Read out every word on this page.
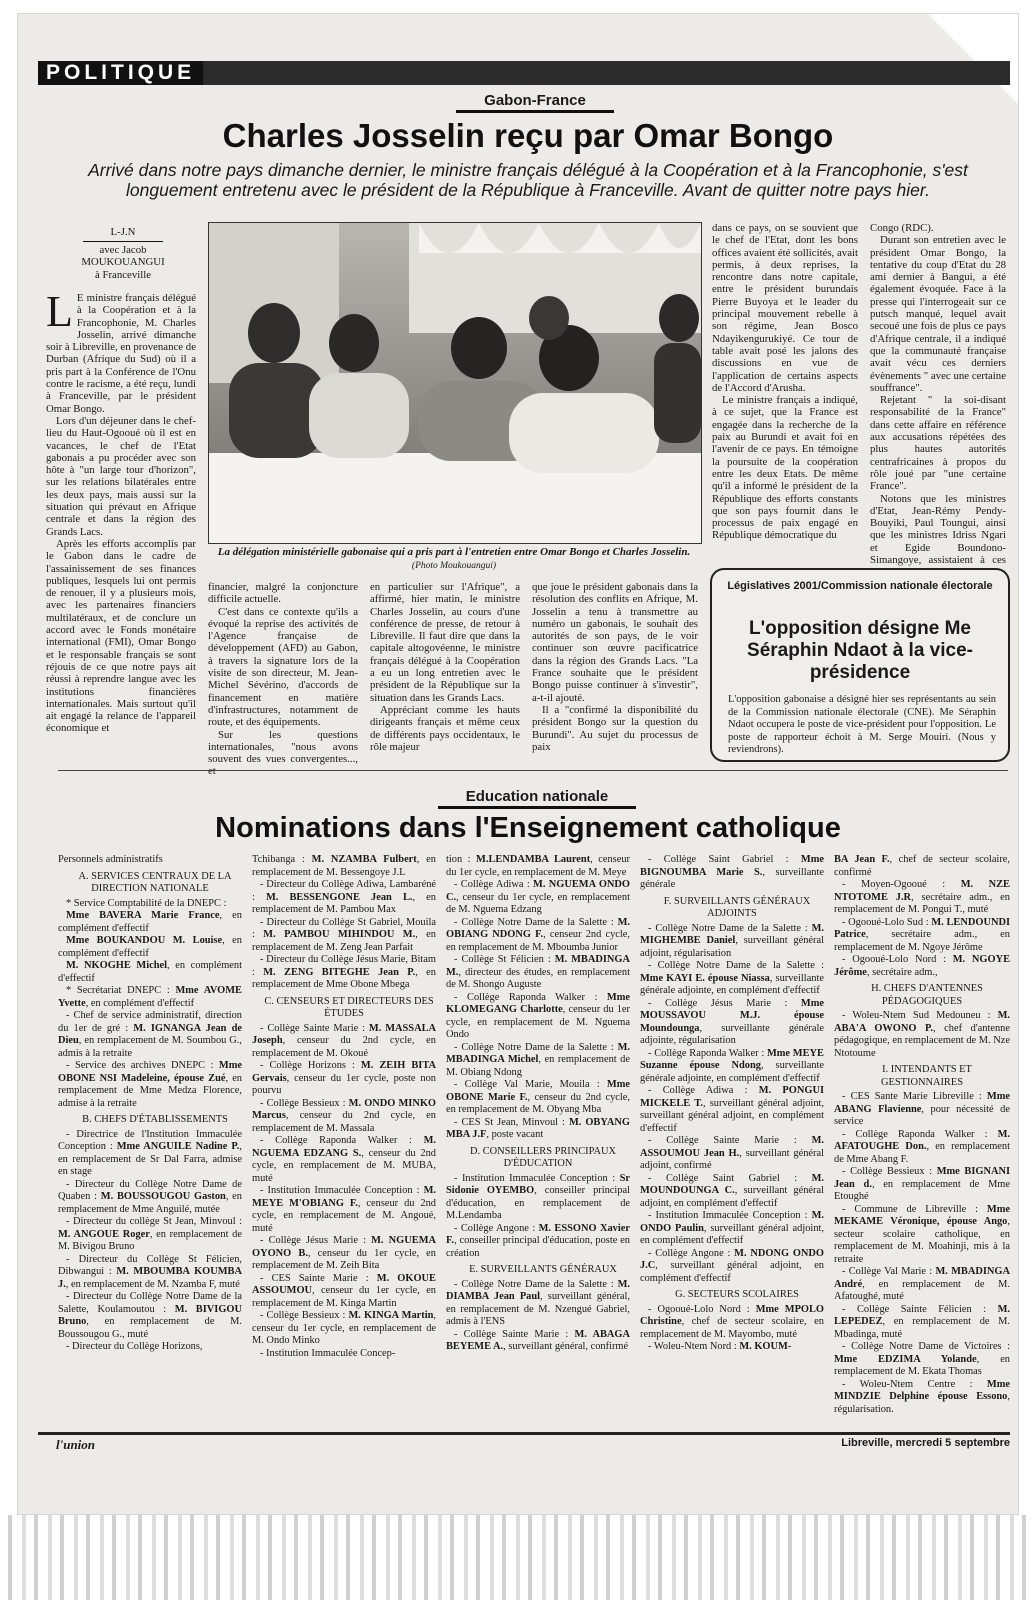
POLITIQUE
Gabon-France
Charles Josselin reçu par Omar Bongo
Arrivé dans notre pays dimanche dernier, le ministre français délégué à la Coopération et à la Francophonie, s'est longuement entretenu avec le président de la République à Franceville. Avant de quitter notre pays hier.
L-J.N
avec Jacob
MOUKOUANGUI
à Franceville

L E ministre français délégué à la Coopération et à la Francophonie, M. Charles Josselin, arrivé dimanche soir à Libreville, en provenance de Durban (Afrique du Sud) où il a pris part à la Conférence de l'Onu contre le racisme, a été reçu, lundi à Franceville, par le président Omar Bongo.

Lors d'un déjeuner dans le chef-lieu du Haut-Ogooué où il est en vacances, le chef de l'Etat gabonais a pu procéder avec son hôte à "un large tour d'horizon", sur les relations bilatérales entre les deux pays, mais aussi sur la situation qui prévaut en Afrique centrale et dans la région des Grands Lacs.

Après les efforts accomplis par le Gabon dans le cadre de l'assainissement de ses finances publiques, lesquels lui ont permis de renouer, il y a plusieurs mois, avec les partenaires financiers multilatéraux, et de conclure un accord avec le Fonds monétaire international (FMI), Omar Bongo et le responsable français se sont réjouis de ce que notre pays ait réussi à reprendre langue avec les institutions financières internationales. Mais surtout qu'il ait engagé la relance de l'appareil économique et

La délégation ministérielle gabonaise qui a pris part à l'entretien entre Omar Bongo et Charles Josselin. (Photo Moukouangui)

financier, malgré la conjoncture difficile actuelle.

C'est dans ce contexte qu'ils a évoqué la reprise des activités de l'Agence française de développement (AFD) au Gabon, à travers la signature lors de la visite de son directeur, M. Jean-Michel Sévérino, d'accords de financement en matière d'infrastructures, notamment de route, et des équipements.

Sur les questions internationales, "nous avons souvent des vues convergentes..., et

en particulier sur l'Afrique", a affirmé, hier matin, le ministre Charles Josselin, au cours d'une conférence de presse, de retour à Libreville. Il faut dire que dans la capitale altogovéenne, le ministre français délégué à la Coopération a eu un long entretien avec le président de la République sur la situation dans les Grands Lacs.

Appréciant comme les hauts dirigeants français et même ceux de différents pays occidentaux, le rôle majeur

que joue le président gabonais dans la résolution des conflits en Afrique, M. Josselin a tenu à transmettre au numéro un gabonais, le souhait des autorités de son pays, de le voir continuer son œuvre pacificatrice dans la région des Grands Lacs. "La France souhaite que le président Bongo puisse continuer à s'investir", a-t-il ajouté.

Il a "confirmé la disponibilité du président Bongo sur la question du Burundi". Au sujet du processus de paix

dans ce pays, on se souvient que le chef de l'Etat, dont les bons offices avaient été sollicités, avait permis, à deux reprises, la rencontre dans notre capitale, entre le président burundais Pierre Buyoya et le leader du principal mouvement rebelle à son régime, Jean Bosco Ndayikengurukiyé. Ce tour de table avait posé les jalons des discussions en vue de l'application de certains aspects de l'Accord d'Arusha.

Le ministre français a indiqué, à ce sujet, que la France est engagée dans la recherche de la paix au Burundi et avait foi en l'avenir de ce pays. En témoigne la poursuite de la coopération entre les deux Etats. De même qu'il a informé le président de la République des efforts constants que son pays fournit dans le processus de paix engagé en République démocratique du

Congo (RDC).

Durant son entretien avec le président Omar Bongo, la tentative du coup d'Etat du 28 ami dernier à Bangui, a été également évoquée. Face à la presse qui l'interrogeait sur ce putsch manqué, lequel avait secoué une fois de plus ce pays d'Afrique centrale, il a indiqué que la communauté française avait vécu ces derniers évènements " avec une certaine souffrance".

Rejetant " la soi-disant responsabilité de la France" dans cette affaire en référence aux accusations répétées des plus hautes autorités centrafricaines à propos du rôle joué par "une certaine France".

Notons que les ministres d'Etat, Jean-Rémy Pendy-Bouyiki, Paul Toungui, ainsi que les ministres Idriss Ngari et Egide Boundono-Simangoye, assistaient à ces

Législatives 2001/Commission nationale électorale
L'opposition désigne Me Séraphin Ndaot à la vice-présidence
L'opposition gabonaise a désigné hier ses représentants au sein de la Commission nationale électorale (CNE). Me Séraphin Ndaot occupera le poste de vice-président pour l'opposition. Le poste de rapporteur échoit à M. Serge Mouiri. (Nous y reviendrons).
Education nationale
Nominations dans l'Enseignement catholique

Personnels administratifs

A. SERVICES CENTRAUX DE LA DIRECTION NATIONALE

* Service Comptabilité de la DNEPC :

Mme BAVERA Marie France, en complément d'effectif

Mme BOUKANDOU M. Louise, en complément d'effectif

M. NKOGHE Michel, en complément d'effectif

* Secrétariat DNEPC : Mme AVOME Yvette, en complément d'effectif

- Chef de service administratif, direction du 1er de gré : M. IGNANGA Jean de Dieu, en remplacement de M. Soumbou G., admis à la retraite

- Service des archives DNEPC : Mme OBONE NSI Madeleine, épouse Zué, en remplacement de Mme Medza Florence, admise à la retraite

B. CHEFS D'ÉTABLISSEMENTS

- Directrice de l'Institution Immaculée Conception : Mme ANGUILE Nadine P., en remplacement de Sr Dal Farra, admise en stage

- Directeur du Collège Notre Dame de Quaben : M. BOUSSOUGOU Gaston, en remplacement de Mme Anguilé, mutée

- Directeur du collège St Jean, Minvoul : M. ANGOUE Roger, en remplacement de M. Bivigou Bruno

- Directeur du Collège St Félicien, Dibwangui : M. MBOUMBA KOUMBA J., en remplacement de M. Nzamba F, muté

- Directeur du Collège Notre Dame de la Salette, Koulamoutou : M. BIVIGOU Bruno, en remplacement de M. Boussougou G., muté

- Directeur du Collège Horizons,

Tchibanga : M. NZAMBA Fulbert, en remplacement de M. Bessengoye J.L

- Directeur du Collège Adiwa, Lambaréné : M. BESSENGONE Jean L., en remplacement de M. Pambou Max

- Directeur du Collège St Gabriel, Mouila : M. PAMBOU MIHINDOU M., en remplacement de M. Zeng Jean Parfait

- Directeur du Collège Jésus Marie, Bitam : M. ZENG BITEGHE Jean P., en remplacement de Mme Obone Mbega

C. CENSEURS ET DIRECTEURS DES ÉTUDES

- Collège Sainte Marie : M. MASSALA Joseph, censeur du 2nd cycle, en remplacement de M. Okoué

- Collège Horizons : M. ZEIH BITA Gervais, censeur du 1er cycle, poste non pourvu

- Collège Bessieux : M. ONDO MINKO Marcus, censeur du 2nd cycle, en remplacement de M. Massala

- Collège Raponda Walker : M. NGUEMA EDZANG S., censeur du 2nd cycle, en remplacement de M. MUBA, muté

- Institution Immaculée Conception : M. MEYE M'OBIANG F., censeur du 2nd cycle, en remplacement de M. Angoué, muté

- Collège Jésus Marie : M. NGUEMA OYONO B., censeur du 1er cycle, en remplacement de M. Zeih Bita

- CES Sainte Marie : M. OKOUE ASSOUMOU, censeur du 1er cycle, en remplacement de M. Kinga Martin

- Collège Bessieux : M. KINGA Martin, censeur du 1er cycle, en remplacement de M. Ondo Minko

- Institution Immaculée Concep-

tion : M.LENDAMBA Laurent, censeur du 1er cycle, en remplacement de M. Meye

- Collège Adiwa : M. NGUEMA ONDO C., censeur du 1er cycle, en remplacement de M. Nguema Edzang

- Collège Notre Dame de la Salette : M. OBIANG NDONG F., censeur 2nd cycle, en remplacement de M. Mboumba Junior

- Collège St Félicien : M. MBADINGA M., directeur des études, en remplacement de M. Shongo Auguste

- Collège Raponda Walker : Mme KLOMEGANG Charlotte, censeur du 1er cycle, en remplacement de M. Nguema Ondo

- Collège Notre Dame de la Salette : M. MBADINGA Michel, en remplacement de M. Obiang Ndong

- Collège Val Marie, Mouila : Mme OBONE Marie F., censeur du 2nd cycle, en remplacement de M. Obyang Mba

- CES St Jean, Minvoul : M. OBYANG MBA J.F, poste vacant

D. CONSEILLERS PRINCIPAUX D'ÉDUCATION

- Institution Immaculée Conception : Sr Sidonie OYEMBO, conseiller principal d'éducation, en remplacement de M.Lendamba

- Collège Angone : M. ESSONO Xavier F., conseiller principal d'éducation, poste en création

E. SURVEILLANTS GÉNÉRAUX

- Collège Notre Dame de la Salette : M. DIAMBA Jean Paul, surveillant général, en remplacement de M. Nzengué Gabriel, admis à l'ENS

- Collège Sainte Marie : M. ABAGA BEYEME A., surveillant général, confirmé

- Collège Saint Gabriel : Mme BIGNOUMBA Marie S., surveillante générale

F. SURVEILLANTS GÉNÉRAUX ADJOINTS

- Collège Notre Dame de la Salette : M. MIGHEMBE Daniel, surveillant général adjoint, régularisation

- Collège Notre Dame de la Salette : Mme KAYI E. épouse Niassa, surveillante générale adjointe, en complément d'effectif

- Collège Jésus Marie : Mme MOUSSAVOU M.J. épouse Moundounga, surveillante générale adjointe, régularisation

- Collège Raponda Walker : Mme MEYE Suzanne épouse Ndong, surveillante générale adjointe, en complément d'effectif

- Collège Adiwa : M. PONGUI MICKELE T., surveillant général adjoint, surveillant général adjoint, en complément d'effectif

- Collège Sainte Marie : M. ASSOUMOU Jean H., surveillant général adjoint, confirmé

- Collège Saint Gabriel : M. MOUNDOUNGA C., surveillant général adjoint, en complément d'effectif

- Institution Immaculée Conception : M. ONDO Paulin, surveillant général adjoint, en complément d'effectif

- Collège Angone : M. NDONG ONDO J.C, surveillant général adjoint, en complément d'effectif

G. SECTEURS SCOLAIRES

- Ogooué-Lolo Nord : Mme MPOLO Christine, chef de secteur scolaire, en remplacement de M. Mayombo, muté

- Woleu-Ntem Nord : M. KOUM-

BA Jean F., chef de secteur scolaire, confirmé

- Moyen-Ogooué : M. NZE NTOTOME J.R, secrétaire adm., en remplacement de M. Pongui T., muté

- Ogooué-Lolo Sud : M. LENDOUNDI Patrice, secrétaire adm., en remplacement de M. Ngoye Jérôme

- Ogooué-Lolo Nord : M. NGOYE Jérôme, secrétaire adm.,

H. CHEFS D'ANTENNES PÉDAGOGIQUES

- Woleu-Ntem Sud Medouneu : M. ABA'A OWONO P., chef d'antenne pédagogique, en remplacement de M. Nze Ntotoume

I. INTENDANTS ET GESTIONNAIRES

- CES Sante Marie Libreville : Mme ABANG Flavienne, pour nécessité de service

- Collège Raponda Walker : M. AFATOUGHE Don., en remplacement de Mme Abang F.

- Collège Bessieux : Mme BIGNANI Jean d., en remplacement de Mme Etoughé

- Commune de Libreville : Mme MEKAME Véronique, épouse Ango, secteur scolaire catholique, en remplacement de M. Moahinji, mis à la retraite

- Collège Val Marie : M. MBADINGA André, en remplacement de M. Afatoughé, muté

- Collège Sainte Félicien : M. LEPEDEZ, en remplacement de M. Mbadinga, muté

- Collège Notre Dame de Victoires : Mme EDZIMA Yolande, en remplacement de M. Ekata Thomas

- Woleu-Ntem Centre : Mme MINDZIE Delphine épouse Essono, régularisation.

l'union	Libreville, mercredi 5 septembre
